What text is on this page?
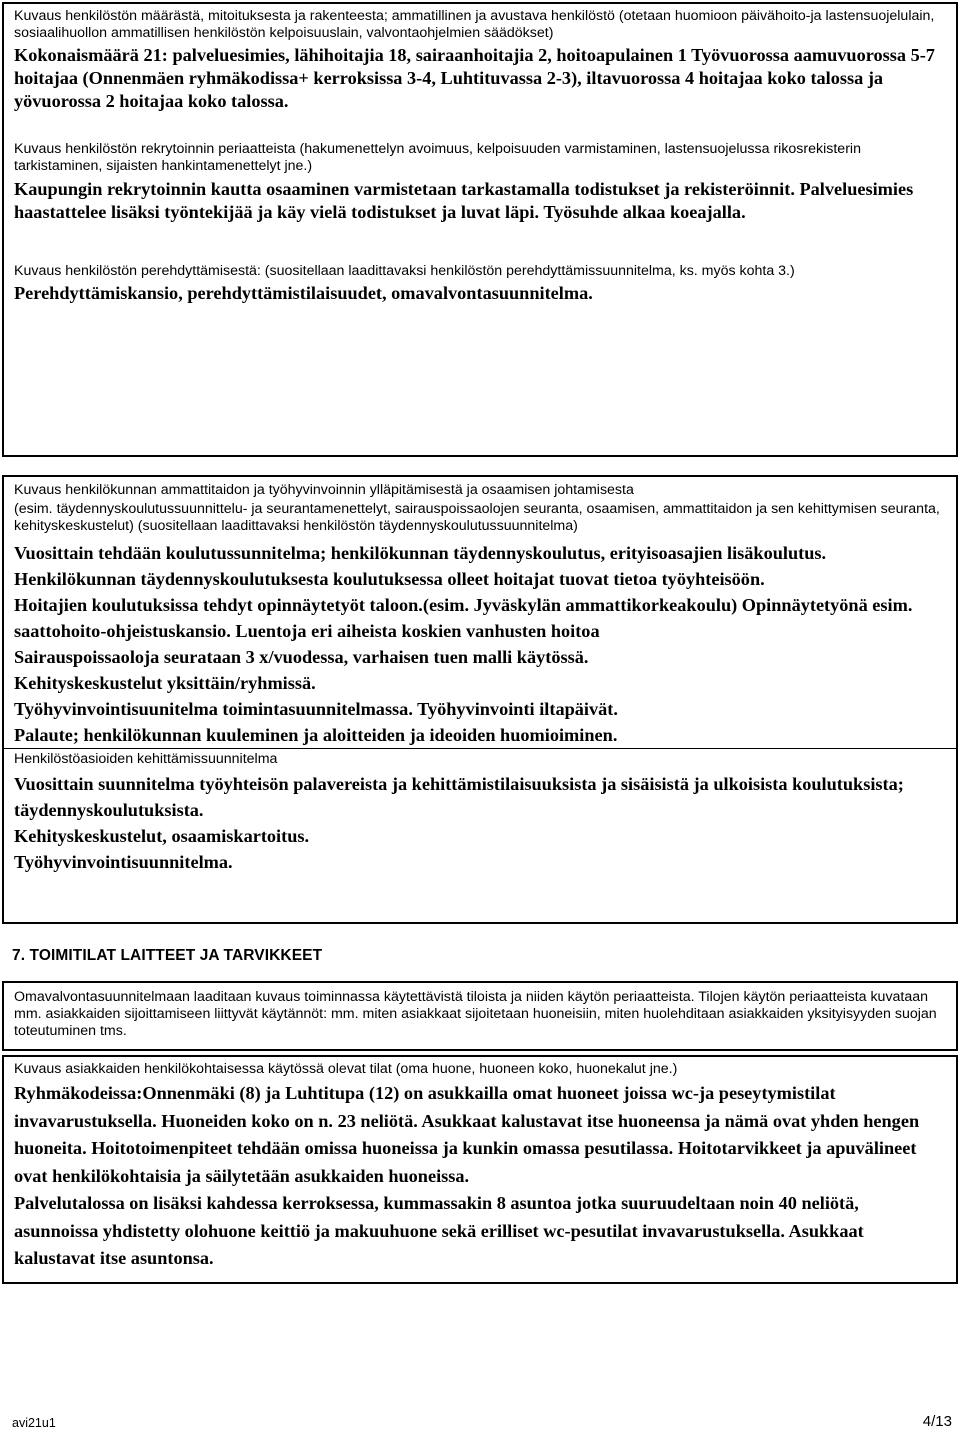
Kuvaus henkilöstön määrästä, mitoituksesta ja rakenteesta; ammatillinen ja avustava henkilöstö (otetaan huomioon päivähoito-ja lastensuojelulain, sosiaalihuollon ammatillisen henkilöstön kelpoisuuslain, valvontaohjelmien säädökset)

Kokonaismäärä 21: palveluesimies, lähihoitajia 18, sairaanhoitajia 2, hoitoapulainen 1 Työvuorossa aamuvuorossa 5-7 hoitajaa (Onnenmäen ryhmäkodissa+ kerroksissa 3-4, Luhtituvassa 2-3), iltavuorossa 4 hoitajaa koko talossa ja yövuorossa 2 hoitajaa koko talossa.

Kuvaus henkilöstön rekrytoinnin periaatteista (hakumenettelyn avoimuus, kelpoisuuden varmistaminen, lastensuojelussa rikosrekisterin tarkistaminen, sijaisten hankintamenettelyt jne.)

Kaupungin rekrytoinnin kautta osaaminen varmistetaan tarkastamalla todistukset ja rekisteröinnit. Palveluesimies haastattelee lisäksi työntekijää ja käy vielä todistukset ja luvat läpi. Työsuhde alkaa koeajalla.

Kuvaus henkilöstön perehdyttämisestä: (suositellaan laadittavaksi henkilöstön perehdyttämissuunnitelma, ks. myös kohta 3.)

Perehdyttämiskansio, perehdyttämistilaisuudet, omavalvontasuunnitelma.

Kuvaus henkilökunnan ammattitaidon ja työhyvinvoinnin ylläpitämisestä ja osaamisen johtamisesta

(esim. täydennyskoulutussuunnittelu- ja seurantamenettelyt, sairauspoissaolojen seuranta, osaamisen, ammattitaidon ja sen kehittymisen seuranta, kehityskeskustelut) (suositellaan laadittavaksi henkilöstön täydennyskoulutussuunnitelma)

Vuosittain tehdään koulutussunnitelma; henkilökunnan täydennyskoulutus, erityisoasajien lisäkoulutus.

Henkilökunnan täydennyskoulutuksesta koulutuksessa olleet hoitajat tuovat tietoa työyhteisöön.

Hoitajien koulutuksissa tehdyt opinnäytetyöt taloon.(esim. Jyväskylän ammattikorkeakoulu) Opinnäytetyönä esim. saattohoito-ohjeistuskansio. Luentoja eri aiheista koskien vanhusten hoitoa

Sairauspoissaoloja seurataan 3 x/vuodessa, varhaisen tuen malli käytössä.

Kehityskeskustelut yksittäin/ryhmissä.

Työhyvinvointisuunitelma toimintasuunnitelmassa. Työhyvinvointi iltapäivät.

Palaute; henkilökunnan kuuleminen ja aloitteiden ja ideoiden huomioiminen.

Henkilöstöasioiden kehittämissuunnitelma

Vuosittain suunnitelma työyhteisön palavereista ja kehittämistilaisuuksista ja sisäisistä ja ulkoisista koulutuksista; täydennyskoulutuksista.

Kehityskeskustelut, osaamiskartoitus.

Työhyvinvointisuunnitelma.

7. TOIMITILAT LAITTEET JA TARVIKKEET

Omavalvontasuunnitelmaan laaditaan kuvaus toiminnassa käytettävistä tiloista ja niiden käytön periaatteista. Tilojen käytön periaatteista kuvataan mm. asiakkaiden sijoittamiseen liittyvät käytännöt: mm. miten asiakkaat sijoitetaan huoneisiin, miten huolehditaan asiakkaiden yksityisyyden suojan toteutuminen tms.

Kuvaus asiakkaiden henkilökohtaisessa käytössä olevat tilat (oma huone, huoneen koko, huonekalut jne.)

Ryhmäkodeissa:Onnenmäki (8) ja Luhtitupa (12) on asukkailla omat huoneet joissa wc-ja peseytymistilat invavarustuksella. Huoneiden koko on n. 23 neliötä. Asukkaat kalustavat itse huoneensa ja nämä ovat yhden hengen huoneita. Hoitotoimenpiteet tehdään omissa huoneissa ja kunkin omassa pesutilassa. Hoitotarvikkeet ja apuvälineet ovat henkilökohtaisia ja säilytetään asukkaiden huoneissa.

Palvelutalossa on lisäksi kahdessa kerroksessa, kummassakin 8 asuntoa jotka suuruudeltaan noin 40 neliötä, asunnoissa yhdistetty olohuone keittiö ja makuuhuone sekä erilliset wc-pesutilat invavarustuksella. Asukkaat kalustavat itse asuntonsa.

avi21u1	4/13
